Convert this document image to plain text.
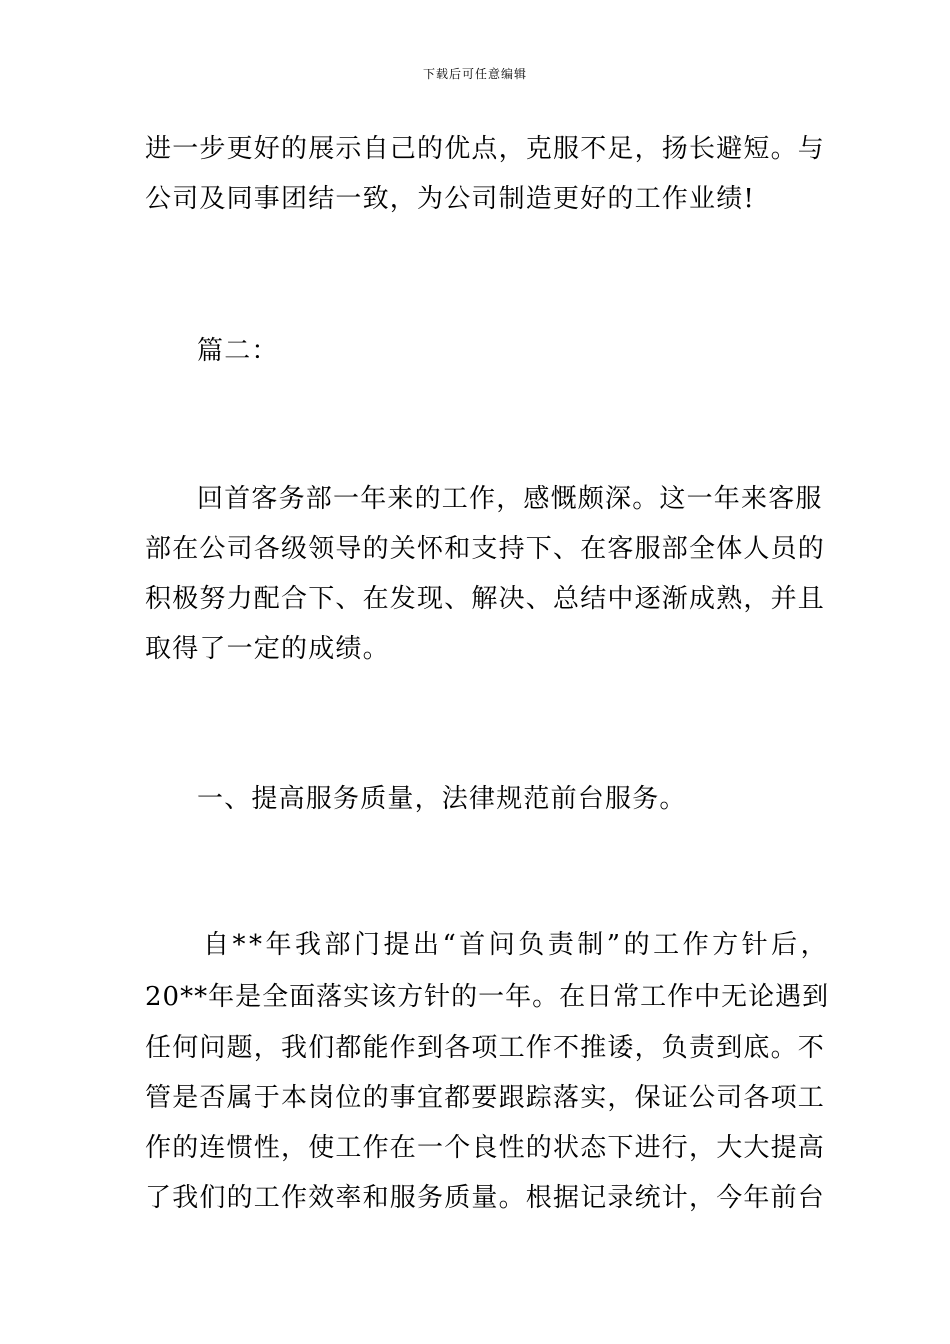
下载后可任意编辑
进一步更好的展示自己的优点，克服不足，扬长避短。与
公司及同事团结一致，为公司制造更好的工作业绩!
篇二：
回首客务部一年来的工作，感慨颇深。这一年来客服
部在公司各级领导的关怀和支持下、在客服部全体人员的
积极努力配合下、在发现、解决、总结中逐渐成熟，并且
取得了一定的成绩。
一、提高服务质量，法律规范前台服务。
自**年我部门提出“首问负责制”的工作方针后，
20**年是全面落实该方针的一年。在日常工作中无论遇到
任何问题，我们都能作到各项工作不推诿，负责到底。不
管是否属于本岗位的事宜都要跟踪落实，保证公司各项工
作的连惯性，使工作在一个良性的状态下进行，大大提高
了我们的工作效率和服务质量。根据记录统计，今年前台
